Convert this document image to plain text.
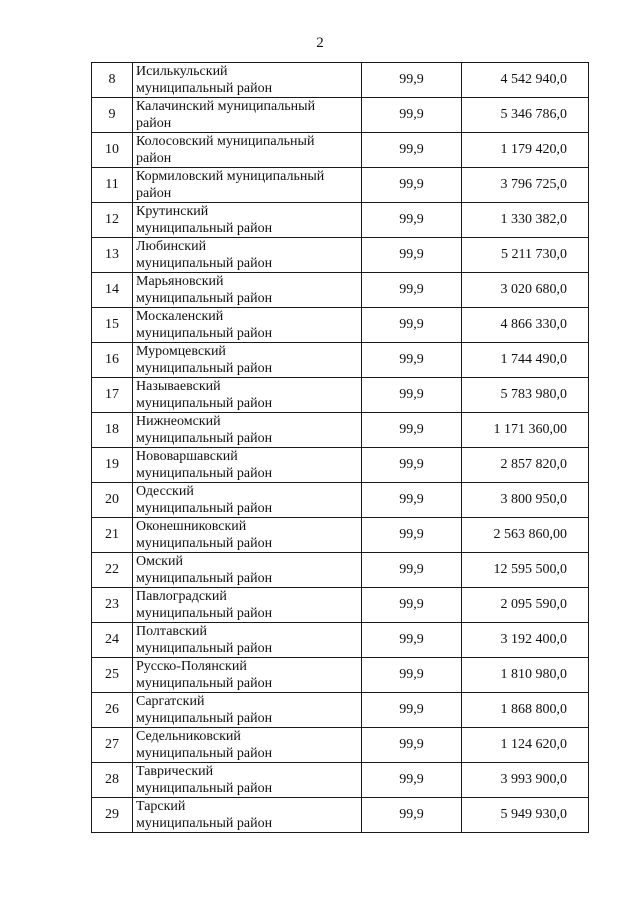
2
8	Исилькульский
муниципальный район	99,9	4 542 940,0
9	Калачинский муниципальный
район	99,9	5 346 786,0
10	Колосовский муниципальный
район	99,9	1 179 420,0
11	Кормиловский муниципальный
район	99,9	3 796 725,0
12	Крутинский
муниципальный район	99,9	1 330 382,0
13	Любинский
муниципальный район	99,9	5 211 730,0
14	Марьяновский
муниципальный район	99,9	3 020 680,0
15	Москаленский
муниципальный район	99,9	4 866 330,0
16	Муромцевский
муниципальный район	99,9	1 744 490,0
17	Называевский
муниципальный район	99,9	5 783 980,0
18	Нижнеомский
муниципальный район	99,9	1 171 360,00
19	Нововаршавский
муниципальный район	99,9	2 857 820,0
20	Одесский
муниципальный район	99,9	3 800 950,0
21	Оконешниковский
муниципальный район	99,9	2 563 860,00
22	Омский
муниципальный район	99,9	12 595 500,0
23	Павлоградский
муниципальный район	99,9	2 095 590,0
24	Полтавский
муниципальный район	99,9	3 192 400,0
25	Русско-Полянский
муниципальный район	99,9	1 810 980,0
26	Саргатский
муниципальный район	99,9	1 868 800,0
27	Седельниковский
муниципальный район	99,9	1 124 620,0
28	Таврический
муниципальный район	99,9	3 993 900,0
29	Тарский
муниципальный район	99,9	5 949 930,0
